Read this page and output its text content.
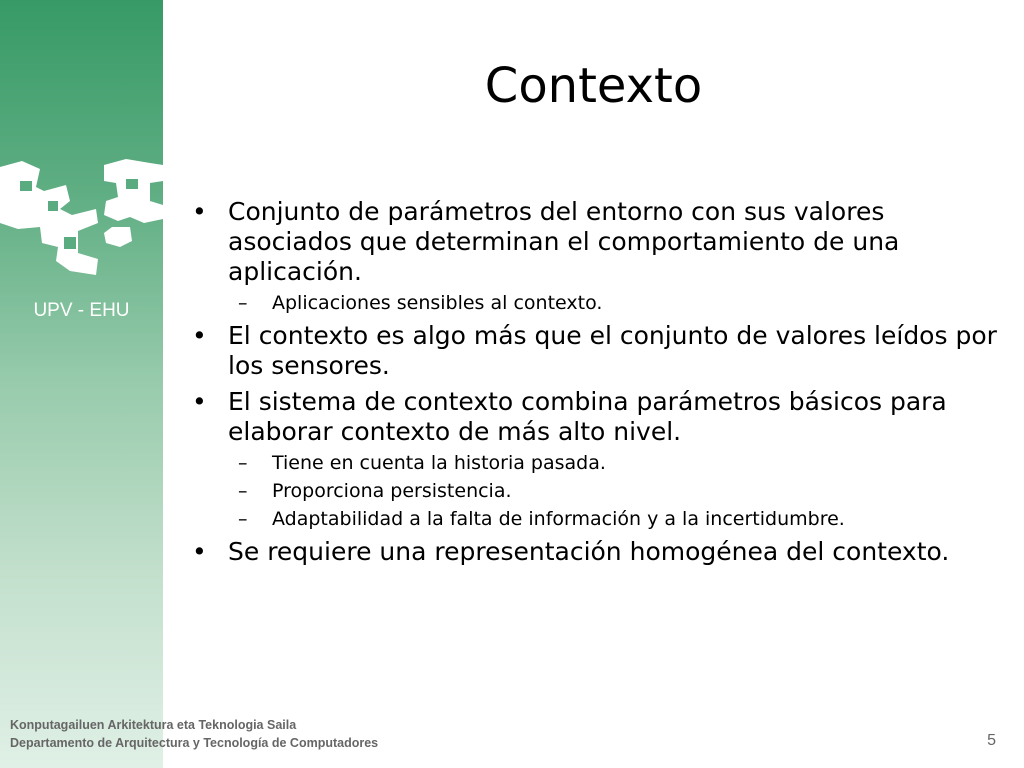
UPV - EHU
Contexto
• Conjunto de parámetros del entorno con sus valores asociados que determinan el comportamiento de una aplicación.
– Aplicaciones sensibles al contexto.
• El contexto es algo más que el conjunto de valores leídos por los sensores.
• El sistema de contexto combina parámetros básicos para elaborar contexto de más alto nivel.
– Tiene en cuenta la historia pasada.
– Proporciona persistencia.
– Adaptabilidad a la falta de información y a la incertidumbre.
• Se requiere una representación homogénea del contexto.
Konputagailuen Arkitektura eta Teknologia Saila
Departamento de Arquitectura y Tecnología de Computadores	5
